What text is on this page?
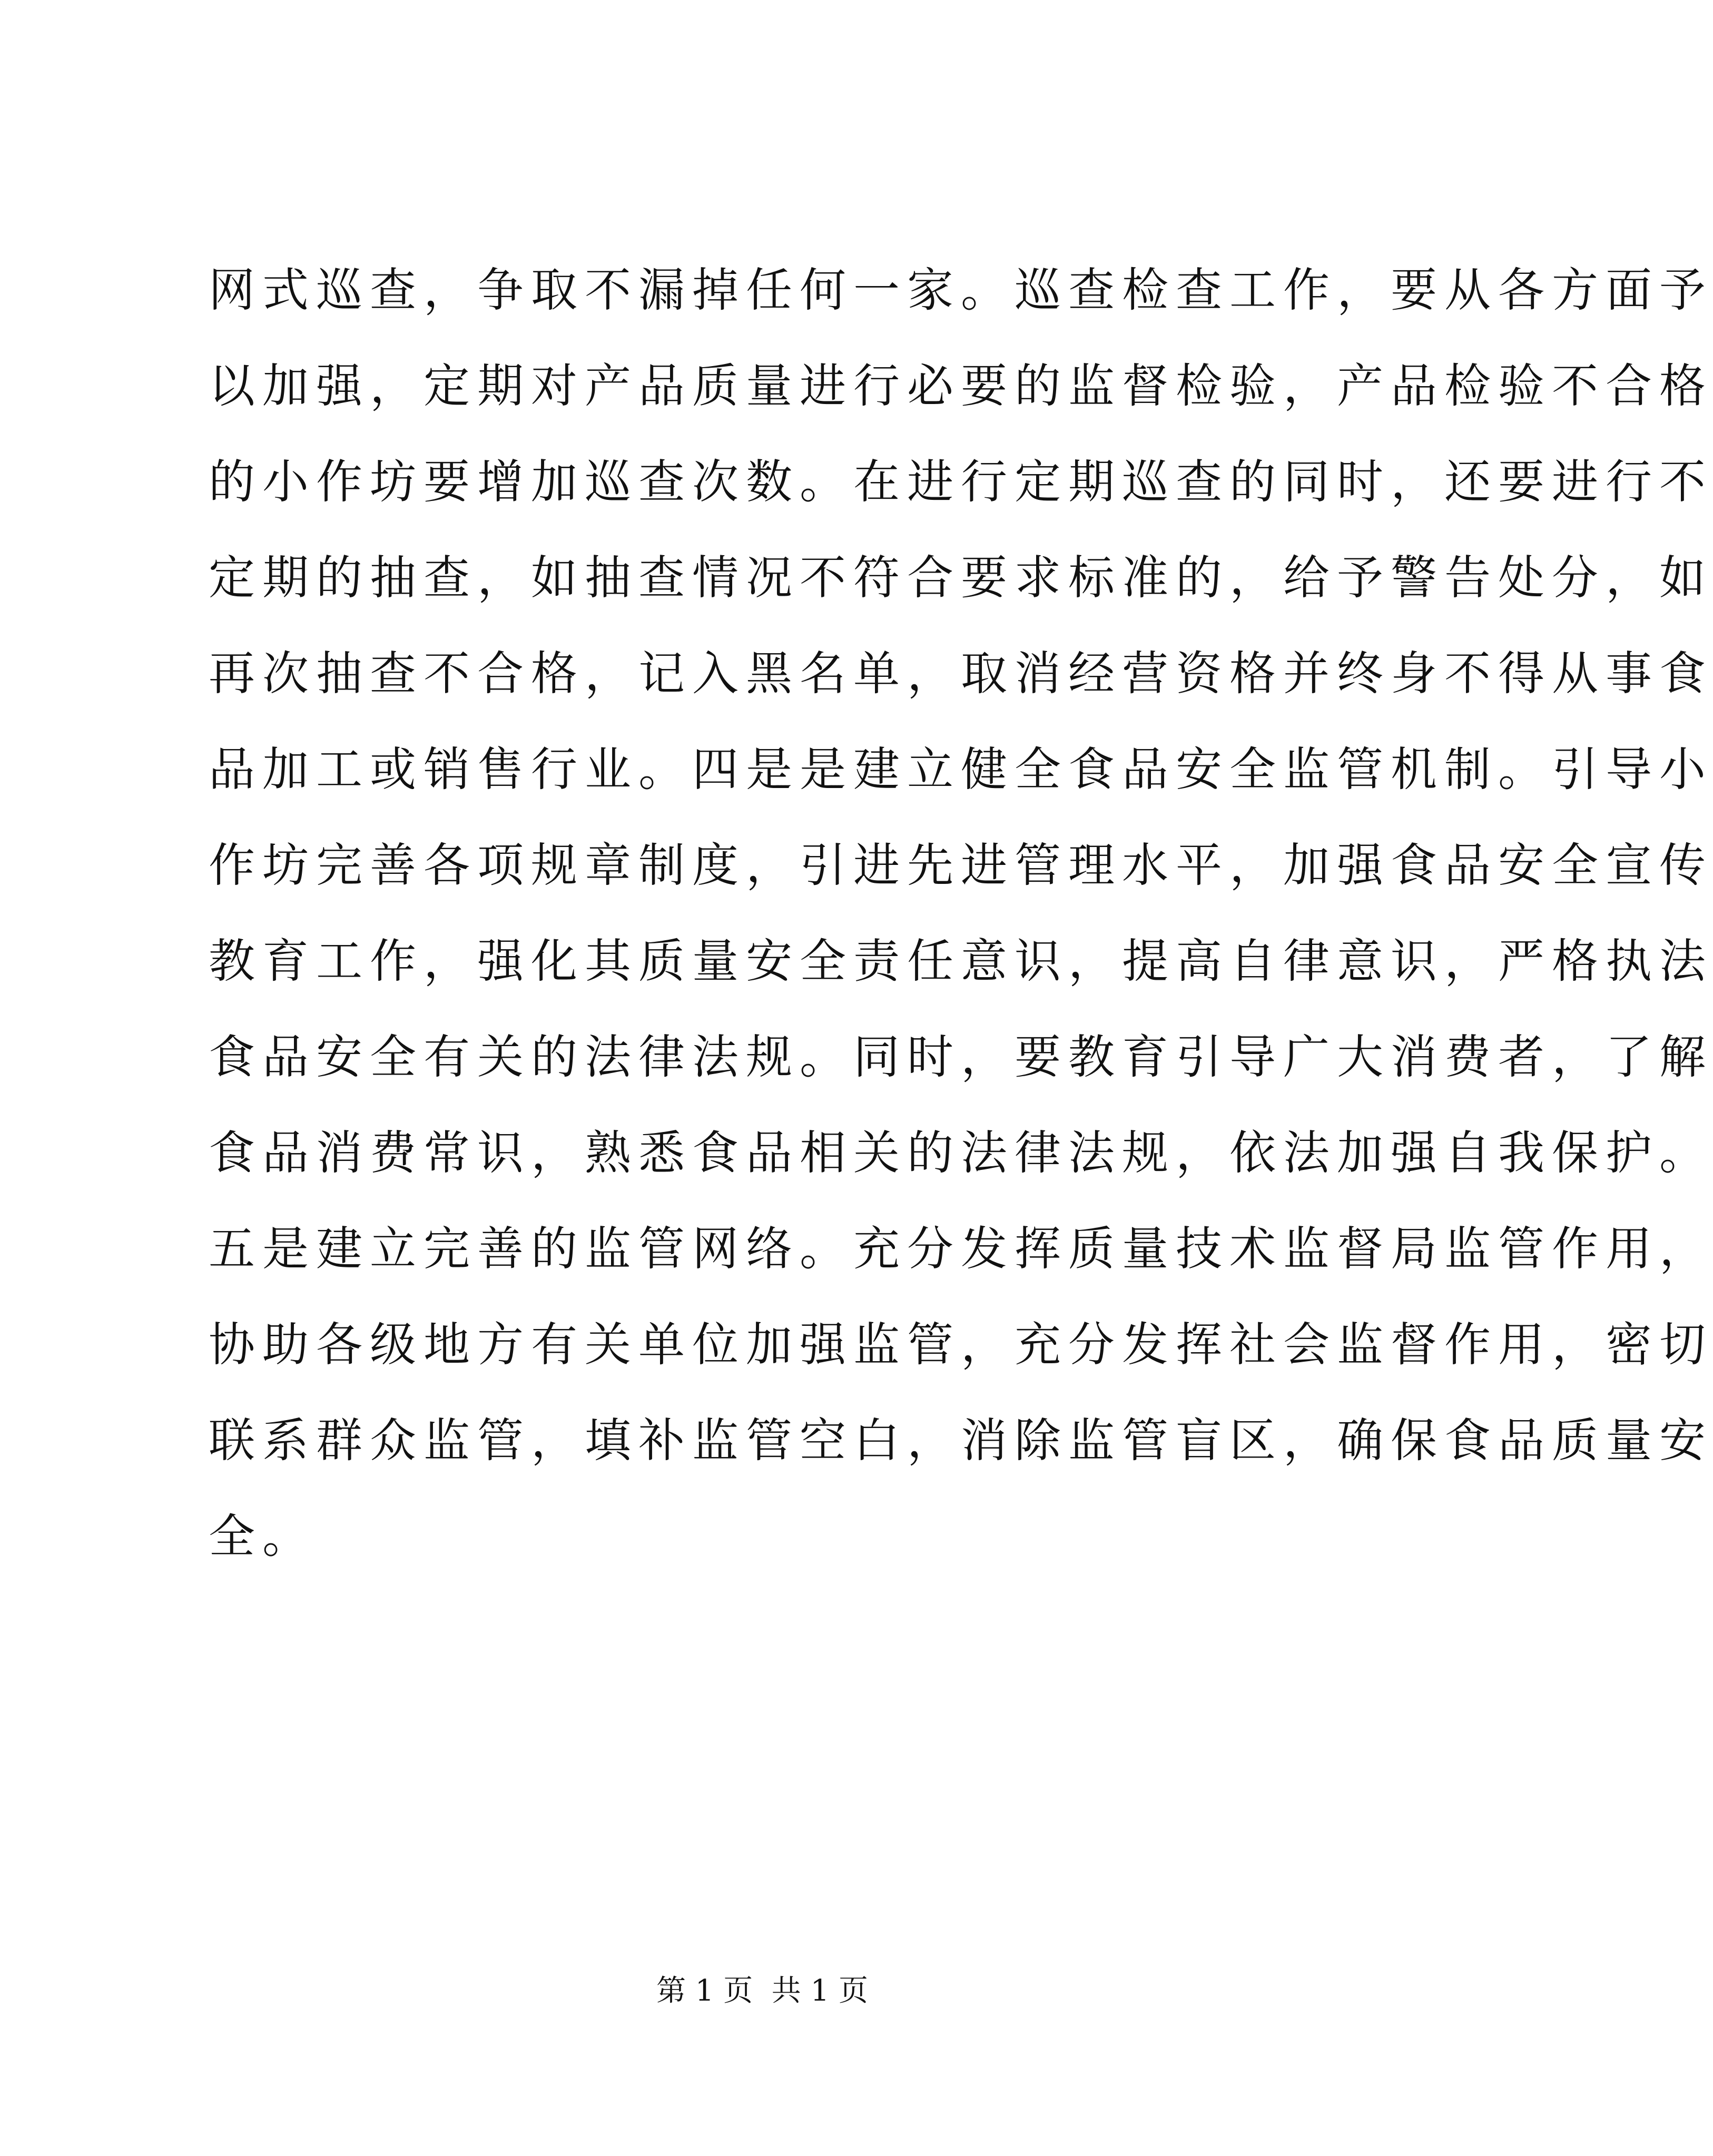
网式巡查，争取不漏掉任何一家。巡查检查工作，要从各方面予
以加强，定期对产品质量进行必要的监督检验，产品检验不合格
的小作坊要增加巡查次数。在进行定期巡查的同时，还要进行不
定期的抽查，如抽查情况不符合要求标准的，给予警告处分，如
再次抽查不合格，记入黑名单，取消经营资格并终身不得从事食
品加工或销售行业。四是是建立健全食品安全监管机制。引导小
作坊完善各项规章制度，引进先进管理水平，加强食品安全宣传
教育工作，强化其质量安全责任意识，提高自律意识，严格执法
食品安全有关的法律法规。同时，要教育引导广大消费者，了解
食品消费常识，熟悉食品相关的法律法规，依法加强自我保护。
五是建立完善的监管网络。充分发挥质量技术监督局监管作用，
协助各级地方有关单位加强监管，充分发挥社会监督作用，密切
联系群众监管，填补监管空白，消除监管盲区，确保食品质量安
全。
第 1 页  共 1 页
